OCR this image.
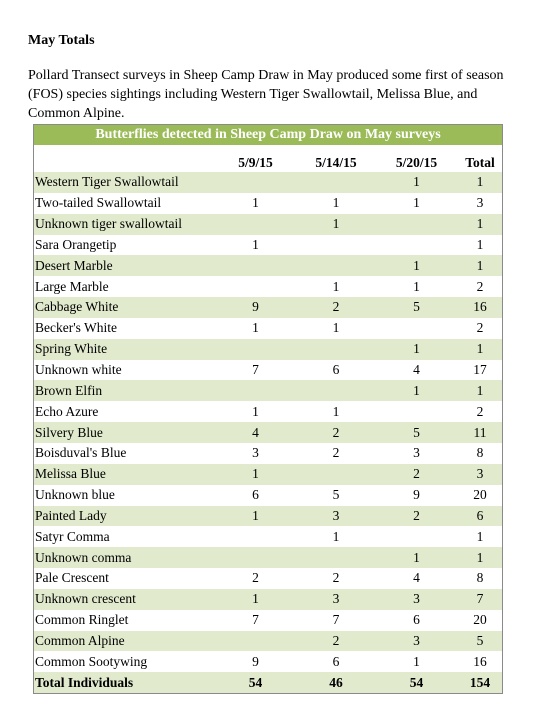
May Totals
Pollard Transect surveys in Sheep Camp Draw in May produced some first of season (FOS) species sightings including Western Tiger Swallowtail, Melissa Blue, and Common Alpine.
Butterflies detected in Sheep Camp Draw on May surveys
	5/9/15	5/14/15	5/20/15	Total
Western Tiger Swallowtail			1	1
Two-tailed Swallowtail	1	1	1	3
Unknown tiger swallowtail		1		1
Sara Orangetip	1			1
Desert Marble			1	1
Large Marble		1	1	2
Cabbage White	9	2	5	16
Becker's White	1	1		2
Spring White			1	1
Unknown white	7	6	4	17
Brown Elfin			1	1
Echo Azure	1	1		2
Silvery Blue	4	2	5	11
Boisduval's Blue	3	2	3	8
Melissa Blue	1		2	3
Unknown blue	6	5	9	20
Painted Lady	1	3	2	6
Satyr Comma		1		1
Unknown comma			1	1
Pale Crescent	2	2	4	8
Unknown crescent	1	3	3	7
Common Ringlet	7	7	6	20
Common Alpine		2	3	5
Common Sootywing	9	6	1	16
Total Individuals	54	46	54	154
